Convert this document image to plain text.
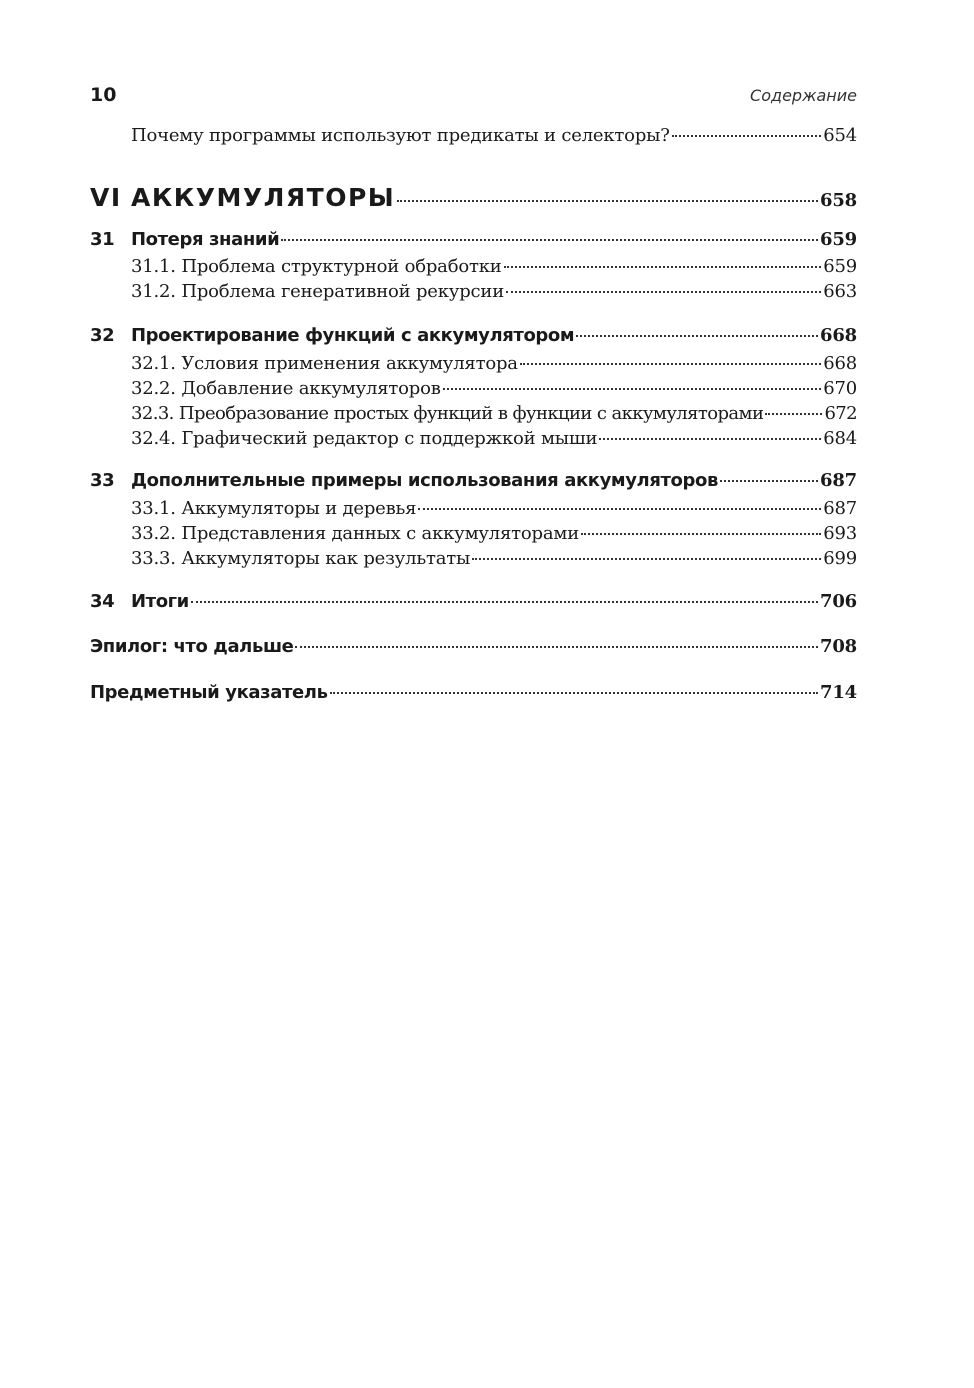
10	Содержание
Почему программы используют предикаты и селекторы?	654
VI АККУМУЛЯТОРЫ	658
31 Потеря знаний	659
31.1. Проблема структурной обработки	659
31.2. Проблема генеративной рекурсии	663
32 Проектирование функций с аккумулятором	668
32.1. Условия применения аккумулятора	668
32.2. Добавление аккумуляторов	670
32.3. Преобразование простых функций в функции с аккумуляторами	672
32.4. Графический редактор с поддержкой мыши	684
33 Дополнительные примеры использования аккумуляторов	687
33.1. Аккумуляторы и деревья	687
33.2. Представления данных с аккумуляторами	693
33.3. Аккумуляторы как результаты	699
34 Итоги	706
Эпилог: что дальше	708
Предметный указатель	714
